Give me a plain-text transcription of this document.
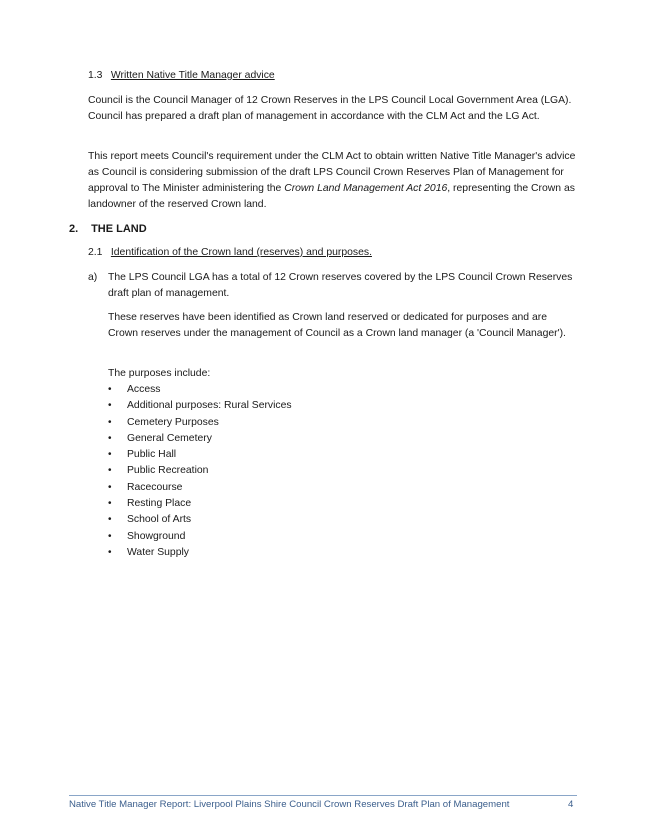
1.3 Written Native Title Manager advice

Council is the Council Manager of 12 Crown Reserves in the LPS Council Local Government Area (LGA). Council has prepared a draft plan of management in accordance with the CLM Act and the LG Act.

This report meets Council's requirement under the CLM Act to obtain written Native Title Manager's advice as Council is considering submission of the draft LPS Council Crown Reserves Plan of Management for approval to The Minister administering the Crown Land Management Act 2016, representing the Crown as landowner of the reserved Crown land.

2. THE LAND
2.1 Identification of the Crown land (reserves) and purposes.
a)	The LPS Council LGA has a total of 12 Crown reserves covered by the LPS Council Crown Reserves draft plan of management.

These reserves have been identified as Crown land reserved or dedicated for purposes and are Crown reserves under the management of Council as a Crown land manager (a 'Council Manager').

The purposes include:

• Access
• Additional purposes: Rural Services
• Cemetery Purposes
• General Cemetery
• Public Hall
• Public Recreation
• Racecourse
• Resting Place
• School of Arts
• Showground
• Water Supply
Native Title Manager Report: Liverpool Plains Shire Council Crown Reserves Draft Plan of Management	4
